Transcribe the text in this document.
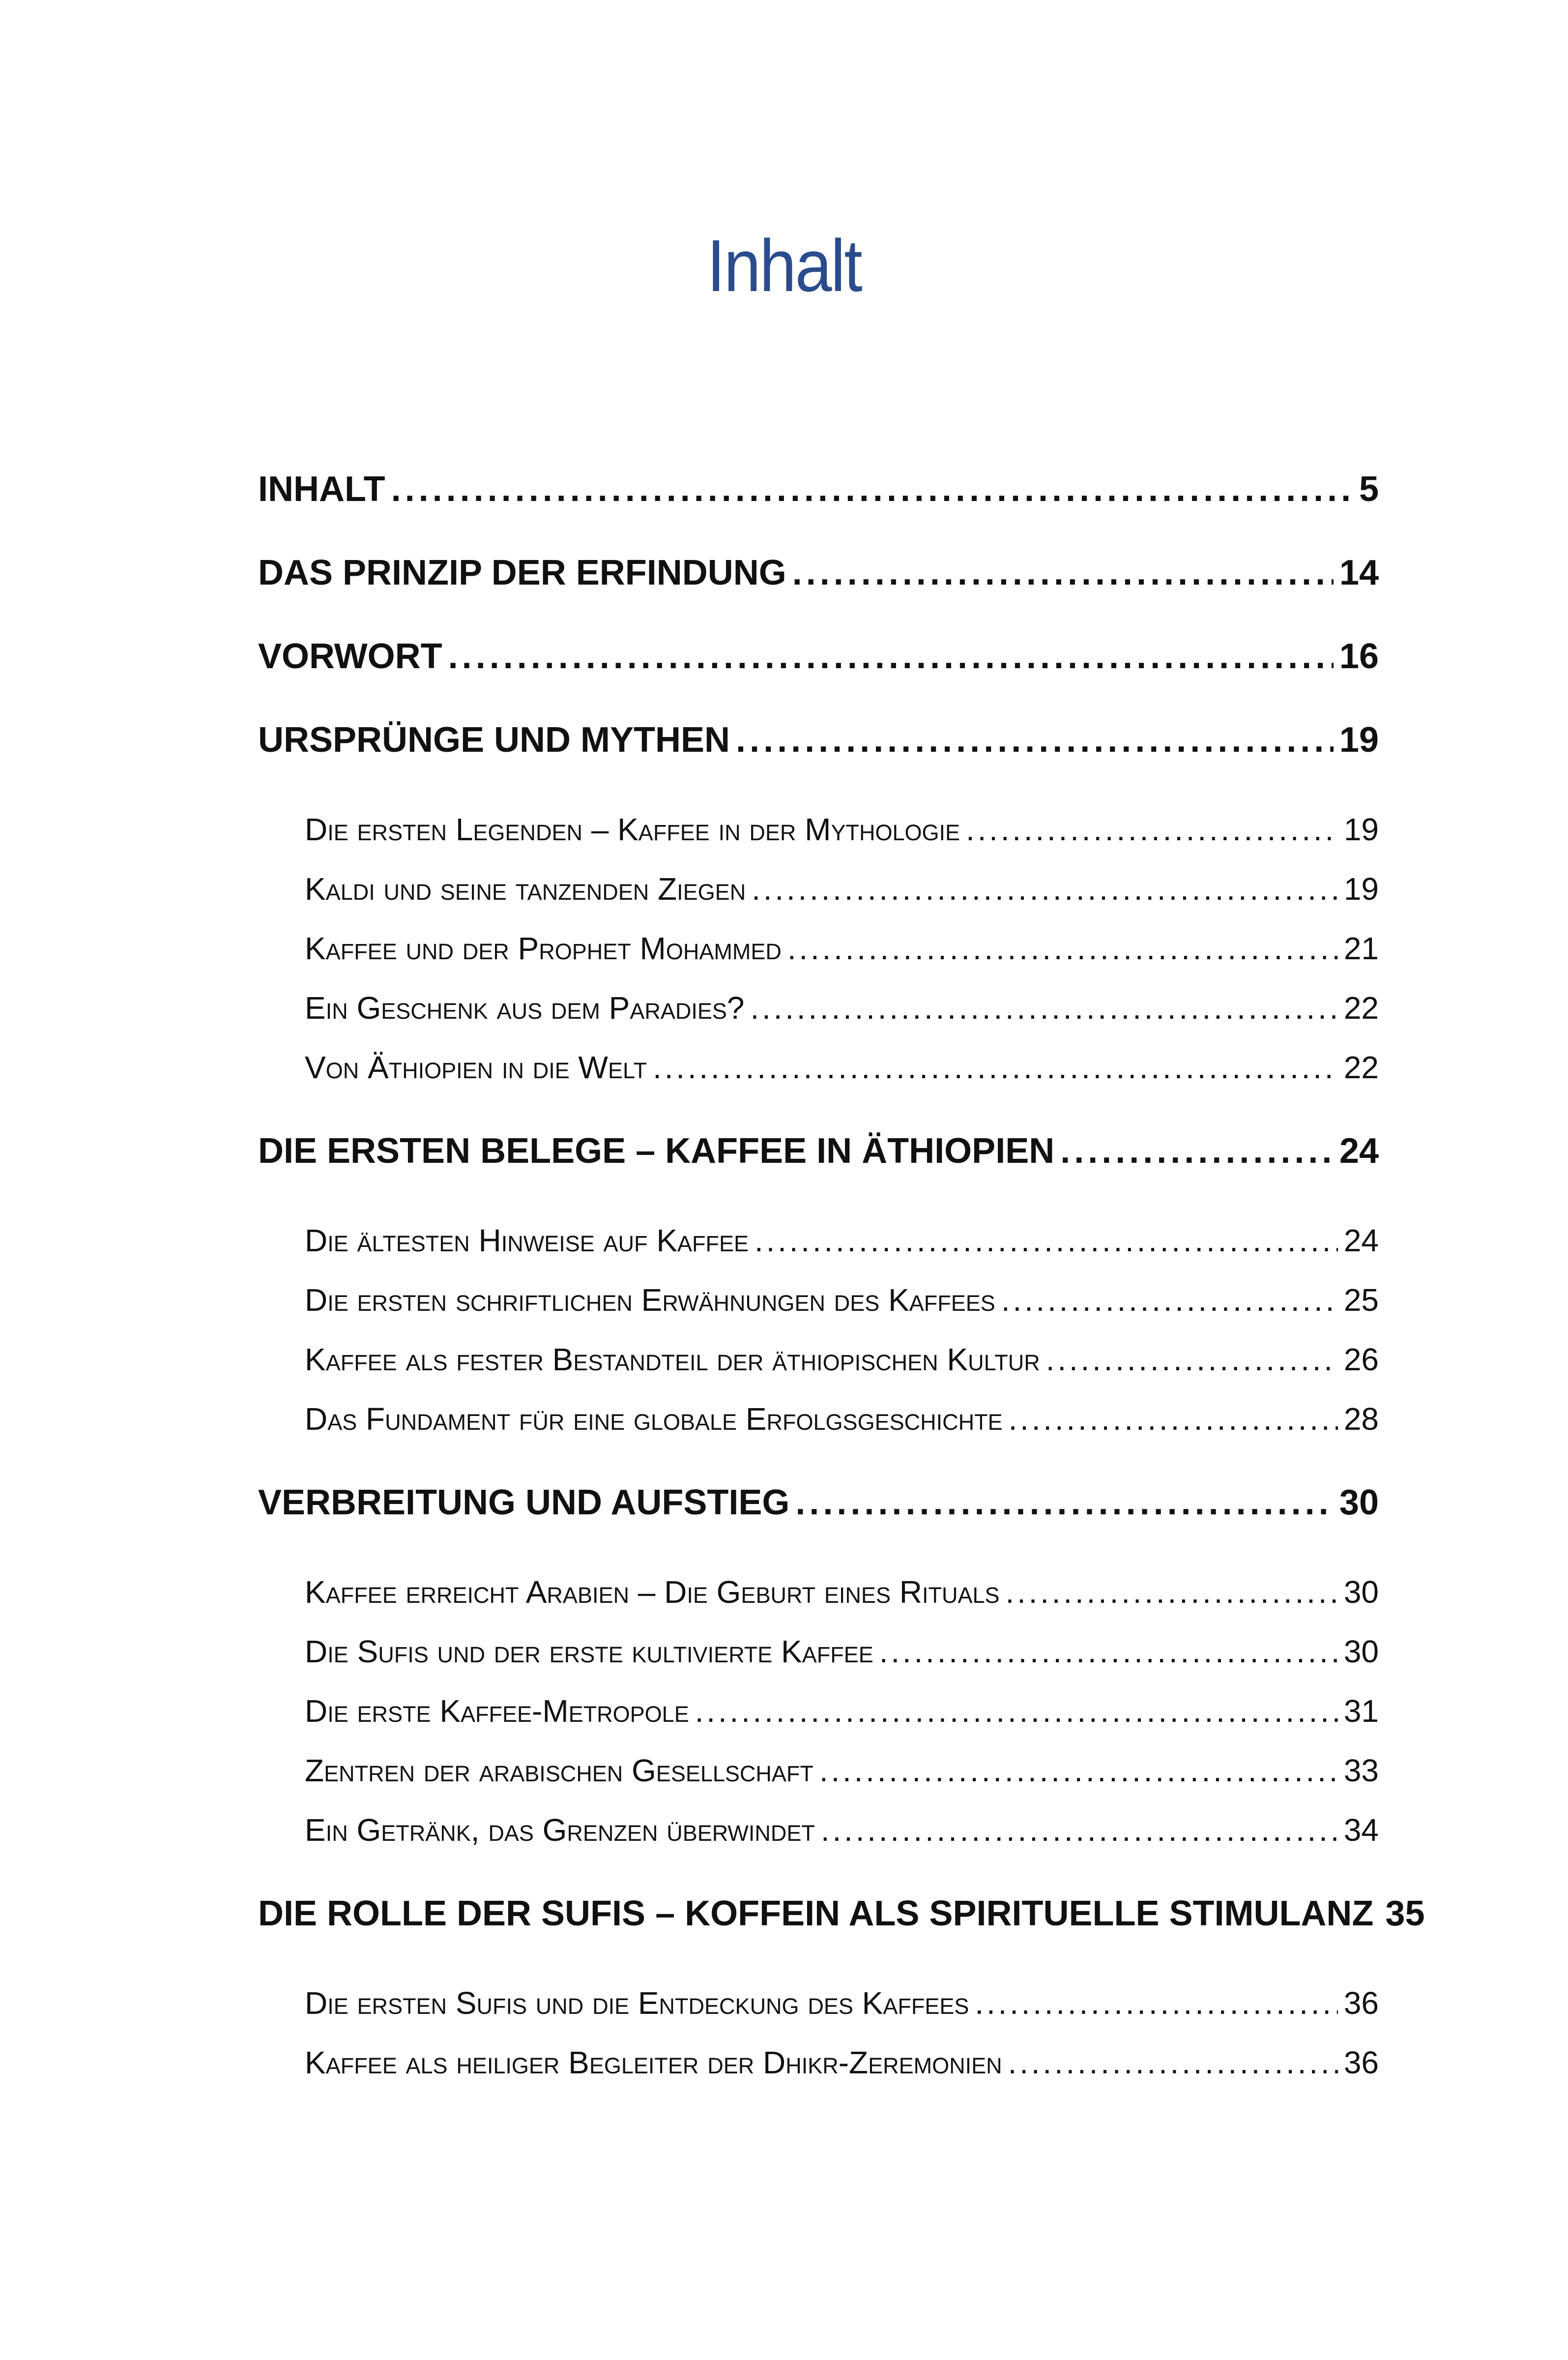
Inhalt
INHALT . . .	5
DAS PRINZIP DER ERFINDUNG . . .	14
VORWORT . . .	16
URSPRÜNGE UND MYTHEN . . .	19
Die ersten Legenden – Kaffee in der Mythologie . . .	19
Kaldi und seine tanzenden Ziegen . . .	19
Kaffee und der Prophet Mohammed . . .	21
Ein Geschenk aus dem Paradies? . . .	22
Von Äthiopien in die Welt . . .	22
DIE ERSTEN BELEGE – KAFFEE IN ÄTHIOPIEN . . .	24
Die ältesten Hinweise auf Kaffee . . .	24
Die ersten schriftlichen Erwähnungen des Kaffees . . .	25
Kaffee als fester Bestandteil der äthiopischen Kultur . . .	26
Das Fundament für eine globale Erfolgsgeschichte . . .	28
VERBREITUNG UND AUFSTIEG . . .	30
Kaffee erreicht Arabien – Die Geburt eines Rituals . . .	30
Die Sufis und der erste kultivierte Kaffee . . .	30
Die erste Kaffee-Metropole . . .	31
Zentren der arabischen Gesellschaft . . .	33
Ein Getränk, das Grenzen überwindet . . .	34
DIE ROLLE DER SUFIS – KOFFEIN ALS SPIRITUELLE STIMULANZ 35
Die ersten Sufis und die Entdeckung des Kaffees . . .	36
Kaffee als heiliger Begleiter der Dhikr-Zeremonien . . .	36
